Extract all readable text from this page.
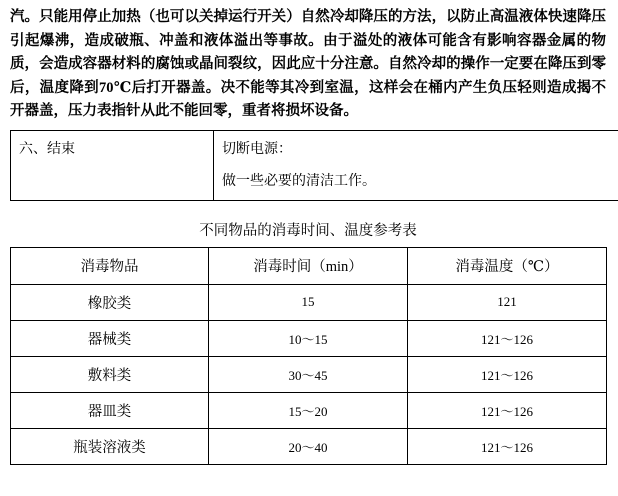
汽。只能用停止加热（也可以关掉运行开关）自然冷却降压的方法，以防止高温液体快速降压引起爆沸，造成破瓶、冲盖和液体溢出等事故。由于溢处的液体可能含有影响容器金属的物质，会造成容器材料的腐蚀或晶间裂纹，因此应十分注意。自然冷却的操作一定要在降压到零后，温度降到70℃后打开器盖。决不能等其冷到室温，这样会在桶内产生负压轻则造成揭不开器盖，压力表指针从此不能回零，重者将损坏设备。

六、结束	切断电源：

做一些必要的清洁工作。

不同物品的消毒时间、温度参考表
消毒物品	消毒时间（min）	消毒温度（℃）
橡胶类	15	121
器械类	10～15	121～126
敷料类	30～45	121～126
器皿类	15～20	121～126
瓶装溶液类	20～40	121～126
